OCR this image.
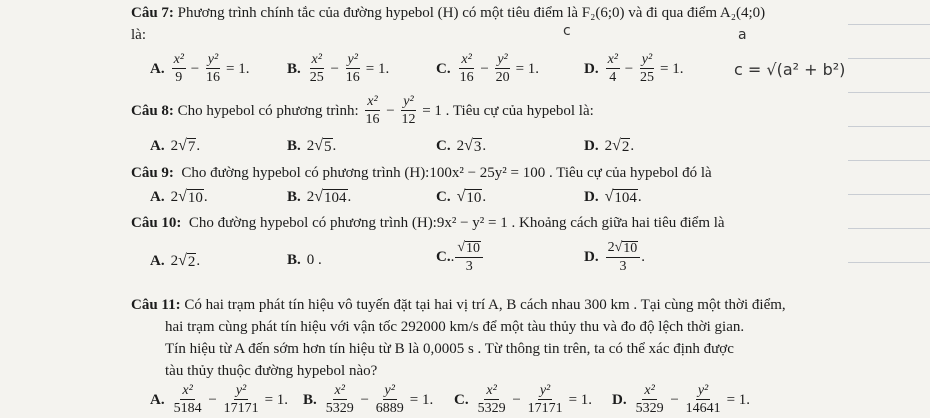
Câu 7: Phương trình chính tắc của đường hypebol (H) có một tiêu điểm là F₂(6;0) và đi qua điểm A₂(4;0)
là:	c	a
A. $\frac{\text{x²}}{9} - \frac{\text{y²}}{16} = 1$.	B. $\frac{\text{x²}}{25} - \frac{\text{y²}}{16} = 1$.	C. $\frac{\text{x²}}{16} - \frac{\text{y²}}{20} = 1$.	D. $\frac{\text{x²}}{4} - \frac{\text{y²}}{25} = 1$.	c = √(a² + b²)
Câu 8:
Cho hypebol có phương trình:
$\frac{\text{x²}}{16} - \frac{\text{y²}}{12}$
= 1 . Tiêu cự của hypebol là:
A. 2 √ 7 .	B. 2 √ 5 .	C. 2 √ 3 .	D. 2 √ 2 .
Câu 9: Cho đường hypebol có phương trình (H):100x² − 25y² = 100 . Tiêu cự của hypebol đó là
A. 2 √ 10 .	B. 2 √ 104 .	C. √ 10 .	D. √ 104 .
Câu 10: Cho đường hypebol có phương trình (H):9x² − y² = 1 . Khoảng cách giữa hai tiêu điểm là
A. 2 √ 2 .	B. 0 .	C. . $\frac{√ 10}{3}$	D. $\frac{2 √ 10}{3}$ .
Câu 11: Có hai trạm phát tín hiệu vô tuyến đặt tại hai vị trí A, B cách nhau 300 km . Tại cùng một thời điểm,
hai trạm cùng phát tín hiệu với vận tốc 292000 km/s để một tàu thủy thu và đo độ lệch thời gian.
Tín hiệu từ A đến sớm hơn tín hiệu từ B là 0,0005 s . Từ thông tin trên, ta có thể xác định được
tàu thủy thuộc đường hypebol nào?
A. $\frac{\text{x²}}{5184} - \frac{\text{y²}}{17171} = 1$. B. $\frac{\text{x²}}{5329} - \frac{\text{y²}}{6889} = 1$. C. $\frac{\text{x²}}{5329} - \frac{\text{y²}}{17171} = 1$. D. $\frac{\text{x²}}{5329} - \frac{\text{y²}}{14641} = 1$.
